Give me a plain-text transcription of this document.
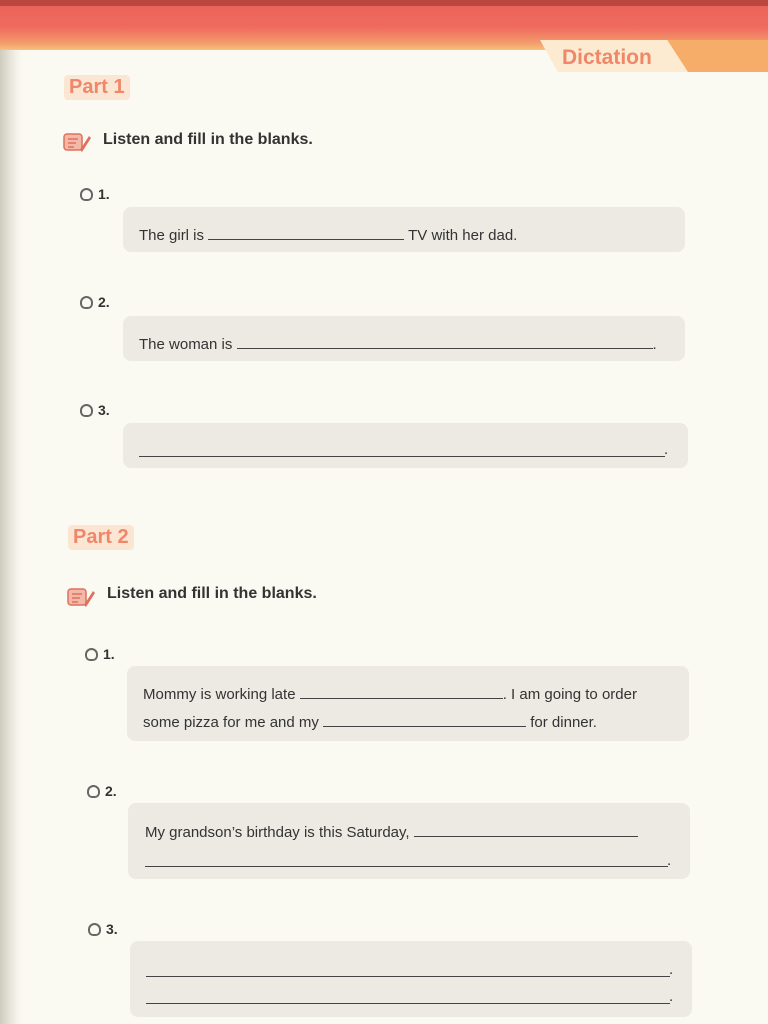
Dictation
Part 1
Listen and fill in the blanks.
1.
The girl is	TV with her dad.
2.
The woman is	.
3.
.
Part 2
Listen and fill in the blanks.
1.
Mommy is working late	. I am going to order
some pizza for me and my	for dinner.
2.
My grandson’s birthday is this Saturday,
.
3.
.
.
